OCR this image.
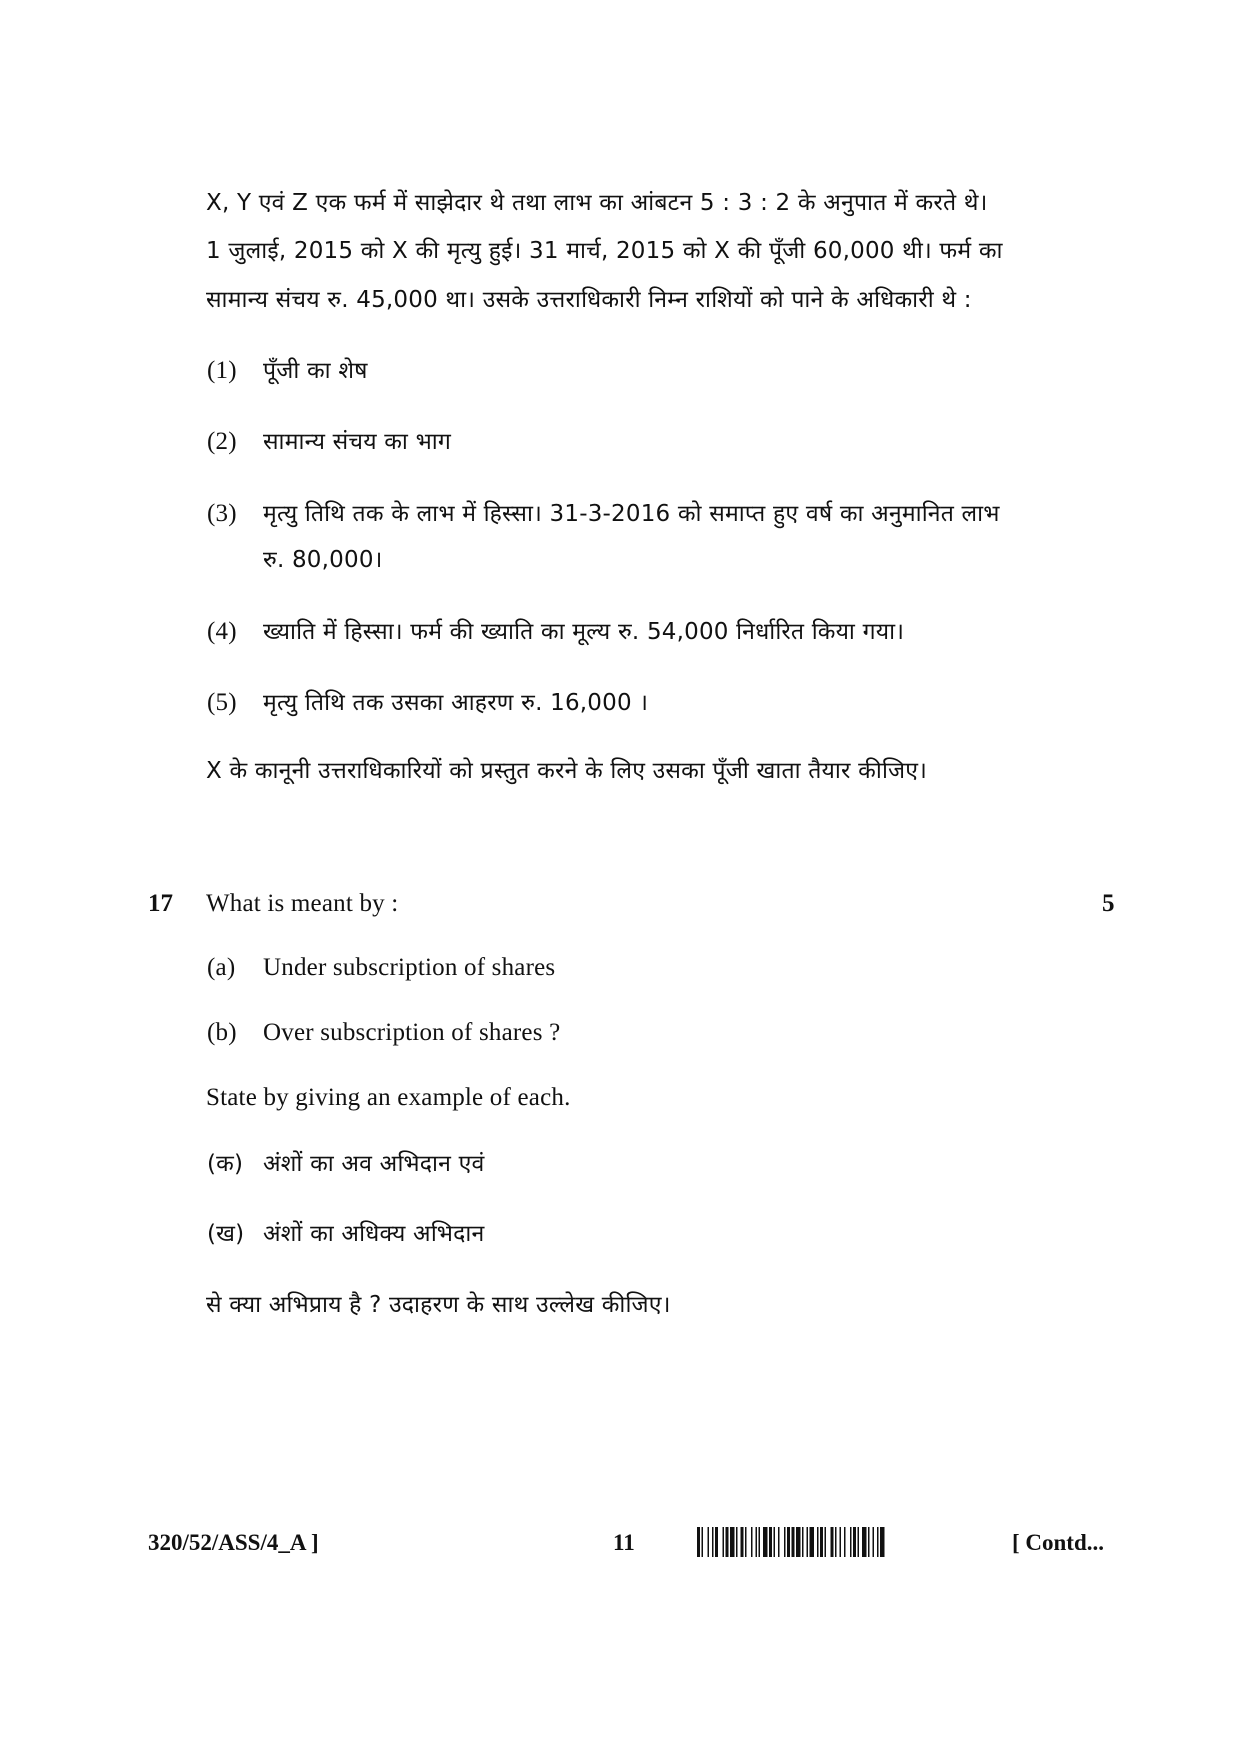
X, Y एवं Z एक फर्म में साझेदार थे तथा लाभ का आंबटन 5 : 3 : 2 के अनुपात में करते थे।
1 जुलाई, 2015 को X की मृत्यु हुई। 31 मार्च, 2015 को X की पूँजी 60,000 थी। फर्म का
सामान्य संचय रु. 45,000 था। उसके उत्तराधिकारी निम्न राशियों को पाने के अधिकारी थे :
(1) पूँजी का शेष
(2) सामान्य संचय का भाग
(3) मृत्यु तिथि तक के लाभ में हिस्सा। 31-3-2016 को समाप्त हुए वर्ष का अनुमानित लाभ
रु. 80,000।
(4) ख्याति में हिस्सा। फर्म की ख्याति का मूल्य रु. 54,000 निर्धारित किया गया।
(5) मृत्यु तिथि तक उसका आहरण रु. 16,000 ।
X के कानूनी उत्तराधिकारियों को प्रस्तुत करने के लिए उसका पूँजी खाता तैयार कीजिए।
17 What is meant by :	5
(a) Under subscription of shares
(b) Over subscription of shares ?
State by giving an example of each.
(क) अंशों का अव अभिदान एवं
(ख) अंशों का अधिक्य अभिदान
से क्या अभिप्राय है ? उदाहरण के साथ उल्लेख कीजिए।
320/52/ASS/4_A ]	11	[ Contd...
